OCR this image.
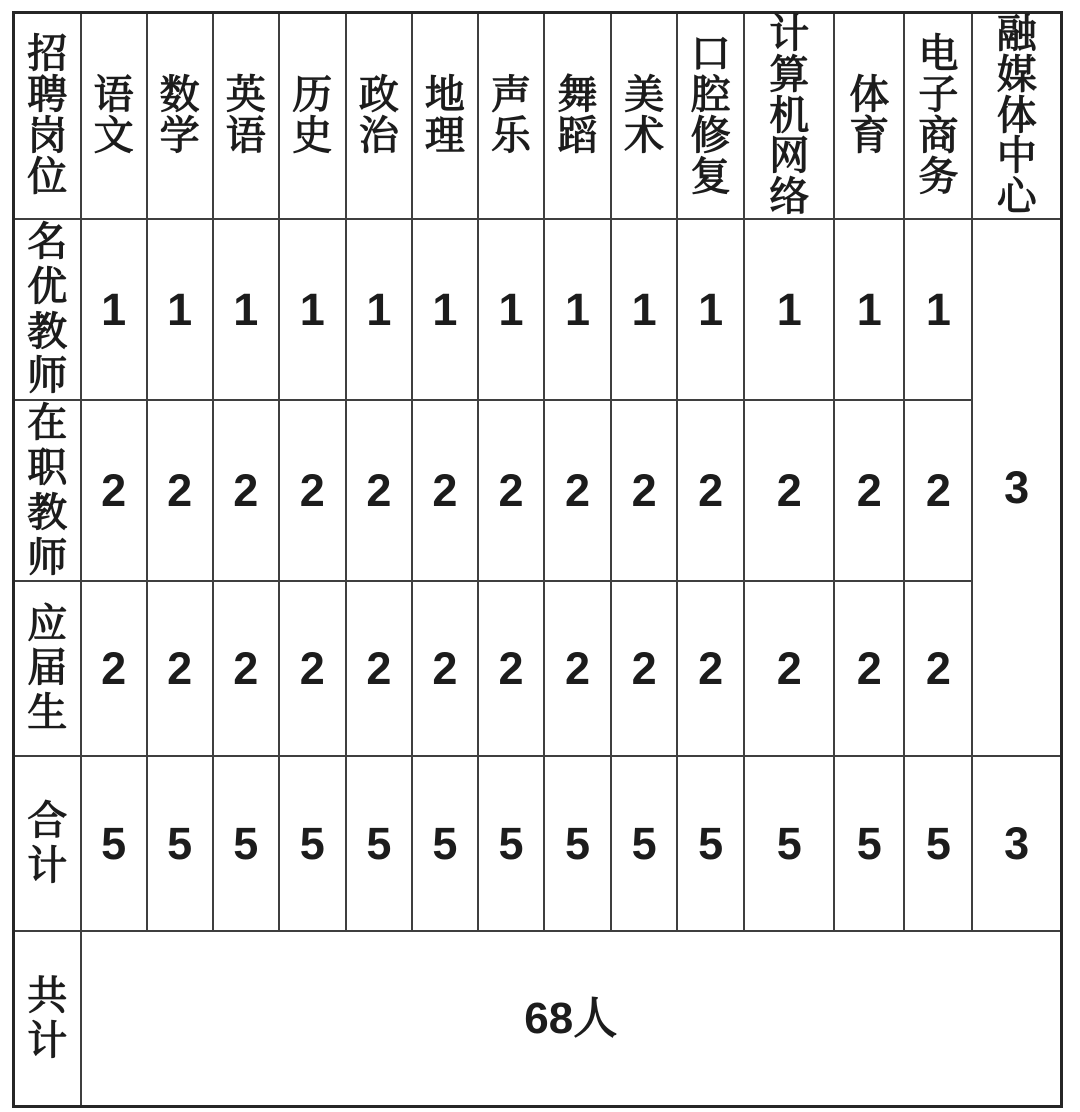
招聘岗位	语文	数学	英语	历史	政治	地理	声乐	舞蹈	美术	口腔修复	计算机网络	体育	电子商务	融媒体中心
名优教师	1	1	1	1	1	1	1	1	1	1	1	1	1	3
在职教师	2	2	2	2	2	2	2	2	2	2	2	2	2	
应届生	2	2	2	2	2	2	2	2	2	2	2	2	2	
合计	5	5	5	5	5	5	5	5	5	5	5	5	5	3
共计	68人													
